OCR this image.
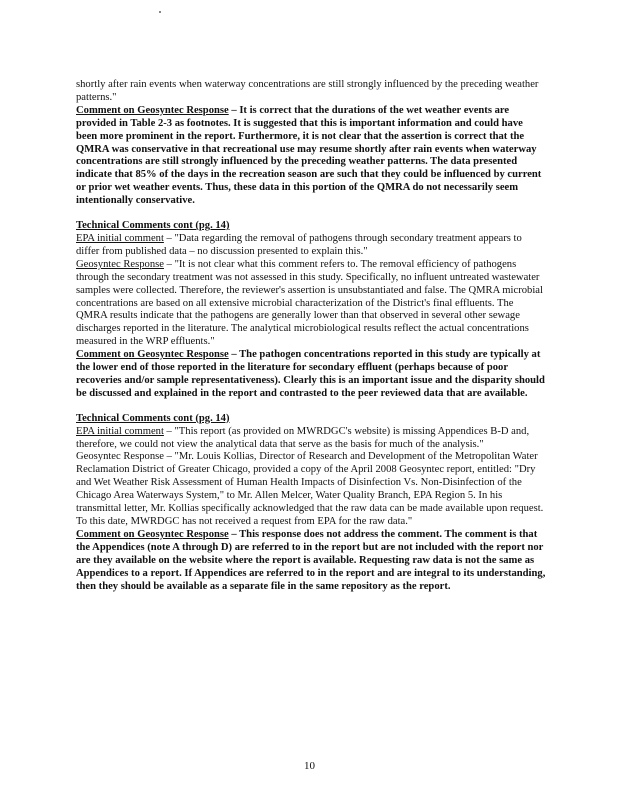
shortly after rain events when waterway concentrations are still strongly influenced by the preceding weather patterns."

Comment on Geosyntec Response – It is correct that the durations of the wet weather events are provided in Table 2-3 as footnotes. It is suggested that this is important information and could have been more prominent in the report. Furthermore, it is not clear that the assertion is correct that the QMRA was conservative in that recreational use may resume shortly after rain events when waterway concentrations are still strongly influenced by the preceding weather patterns. The data presented indicate that 85% of the days in the recreation season are such that they could be influenced by current or prior wet weather events. Thus, these data in this portion of the QMRA do not necessarily seem intentionally conservative.

Technical Comments cont (pg. 14)

EPA initial comment – "Data regarding the removal of pathogens through secondary treatment appears to differ from published data – no discussion presented to explain this."

Geosyntec Response – "It is not clear what this comment refers to. The removal efficiency of pathogens through the secondary treatment was not assessed in this study. Specifically, no influent untreated wastewater samples were collected. Therefore, the reviewer's assertion is unsubstantiated and false. The QMRA microbial concentrations are based on all extensive microbial characterization of the District's final effluents. The QMRA results indicate that the pathogens are generally lower than that observed in several other sewage discharges reported in the literature. The analytical microbiological results reflect the actual concentrations measured in the WRP effluents."

Comment on Geosyntec Response – The pathogen concentrations reported in this study are typically at the lower end of those reported in the literature for secondary effluent (perhaps because of poor recoveries and/or sample representativeness). Clearly this is an important issue and the disparity should be discussed and explained in the report and contrasted to the peer reviewed data that are available.

Technical Comments cont (pg. 14)

EPA initial comment – "This report (as provided on MWRDGC's website) is missing Appendices B-D and, therefore, we could not view the analytical data that serve as the basis for much of the analysis."

Geosyntec Response – "Mr. Louis Kollias, Director of Research and Development of the Metropolitan Water Reclamation District of Greater Chicago, provided a copy of the April 2008 Geosyntec report, entitled: "Dry and Wet Weather Risk Assessment of Human Health Impacts of Disinfection Vs. Non-Disinfection of the Chicago Area Waterways System," to Mr. Allen Melcer, Water Quality Branch, EPA Region 5. In his transmittal letter, Mr. Kollias specifically acknowledged that the raw data can be made available upon request. To this date, MWRDGC has not received a request from EPA for the raw data."

Comment on Geosyntec Response – This response does not address the comment. The comment is that the Appendices (note A through D) are referred to in the report but are not included with the report nor are they available on the website where the report is available. Requesting raw data is not the same as Appendices to a report. If Appendices are referred to in the report and are integral to its understanding, then they should be available as a separate file in the same repository as the report.

10
